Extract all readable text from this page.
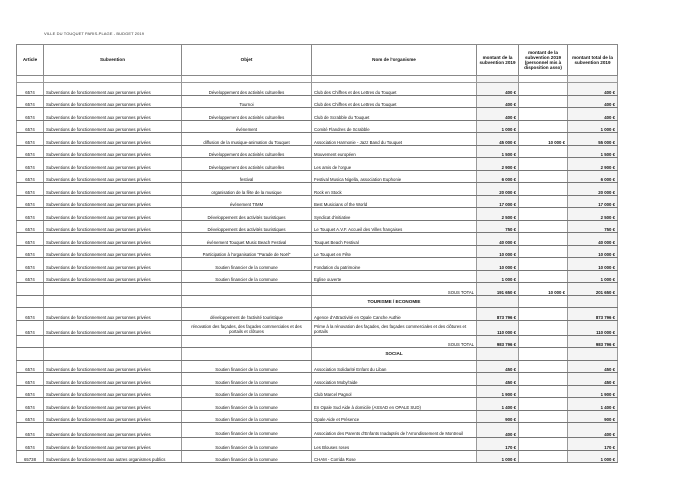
VILLE DU TOUQUET PARIS-PLAGE - BUDGET 2019
Article	Subvention	Objet	Nom de l'organisme	montant de la subvention 2019	montant de la subvention 2019 (personnel mis à disposition asso)	montant total de la subvention 2019

6574	Subventions de fonctionnement aux personnes privées	Développement des activités culturelles	Club des Chiffres et des Lettres du Touquet	400 €		400 €
6574	Subventions de fonctionnement aux personnes privées	Tournoi	Club des Chiffres et des Lettres du Touquet	400 €		400 €
6574	Subventions de fonctionnement aux personnes privées	Développement des activités culturelles	Club de Scrabble du Touquet	400 €		400 €
6574	Subventions de fonctionnement aux personnes privées	événement	Comité Flandres de Scrabble	1 000 €		1 000 €
6574	Subventions de fonctionnement aux personnes privées	diffusion de la musique-animation du Touquet	Association Harmonie - Jazz Band du Touquet	45 000 €	10 000 €	55 000 €
6574	Subventions de fonctionnement aux personnes privées	Développement des activités culturelles	Mouvement européen	1 500 €		1 500 €
6574	Subventions de fonctionnement aux personnes privées	Développement des activités culturelles	Les amis de l'orgue	2 900 €		2 900 €
6574	Subventions de fonctionnement aux personnes privées	festival	Festival Musica Nigella, association Euphonie	6 000 €		6 000 €
6574	Subventions de fonctionnement aux personnes privées	organisation de la fête de la musique	Rock en Stock	20 000 €		20 000 €
6574	Subventions de fonctionnement aux personnes privées	événement TIMM	Best Musicians of the World	17 000 €		17 000 €
6574	Subventions de fonctionnement aux personnes privées	Développement des activités touristiques	Syndicat d'initiative	2 500 €		2 500 €
6574	Subventions de fonctionnement aux personnes privées	Développement des activités touristiques	Le Touquet A.V.F. Accueil des Villes françaises	750 €		750 €
6574	Subventions de fonctionnement aux personnes privées	événement Touquet Music Beach Festival	Touquet Beach Festival	40 000 €		40 000 €
6574	Subventions de fonctionnement aux personnes privées	Participation à l'organisation "Parade de Noël"	Le Touquet en Fête	10 000 €		10 000 €
6574	Subventions de fonctionnement aux personnes privées	Soutien financier de la commune	Fondation du patrimoine	10 000 €		10 000 €
6574	Subventions de fonctionnement aux personnes privées	Soutien financier de la commune	Eglise ouverte	1 000 €		1 000 €
			SOUS TOTAL	191 650 €	10 000 €	201 650 €
			TOURISME / ECONOMIE			
6574	Subventions de fonctionnement aux personnes privées	développement de l'activité touristique	Agence d'Attractivité en Opale Canche Authie	873 796 €		873 796 €
6574	Subventions de fonctionnement aux personnes privées	rénovation des façades, des façades commerciales et des portails et clôtures	Prime à la rénovation des façades, des façades commerciales et des clôtures et portails	110 000 €		110 000 €
			SOUS TOTAL	983 796 €		983 796 €
			SOCIAL			
6574	Subventions de fonctionnement aux personnes privées	Soutien financier de la commune	Association Solidarité Enfant du Liban	450 €		450 €
6574	Subventions de fonctionnement aux personnes privées	Soutien financier de la commune	Association Mobyl'aide	450 €		450 €
6574	Subventions de fonctionnement aux personnes privées	Soutien financier de la commune	Club Marcel Pagnol	1 900 €		1 900 €
6574	Subventions de fonctionnement aux personnes privées	Soutien financier de la commune	En Opale Sud Aide à domicile (ASSAD en OPALE SUD)	1 400 €		1 400 €
6574	Subventions de fonctionnement aux personnes privées	Soutien financier de la commune	Opale Aide et Présence	900 €		900 €
6574	Subventions de fonctionnement aux personnes privées	Soutien financier de la commune	Association des Parents d'Enfants Inadaptés de l'Arrondissement de Montreuil	400 €		400 €
6574	Subventions de fonctionnement aux personnes privées	Soutien financier de la commune	Les Blouses roses	170 €		170 €
65738	Subventions de fonctionnement aux autres organismes publics	Soutien financier de la commune	CHAM - Corrida Rose	1 000 €		1 000 €
